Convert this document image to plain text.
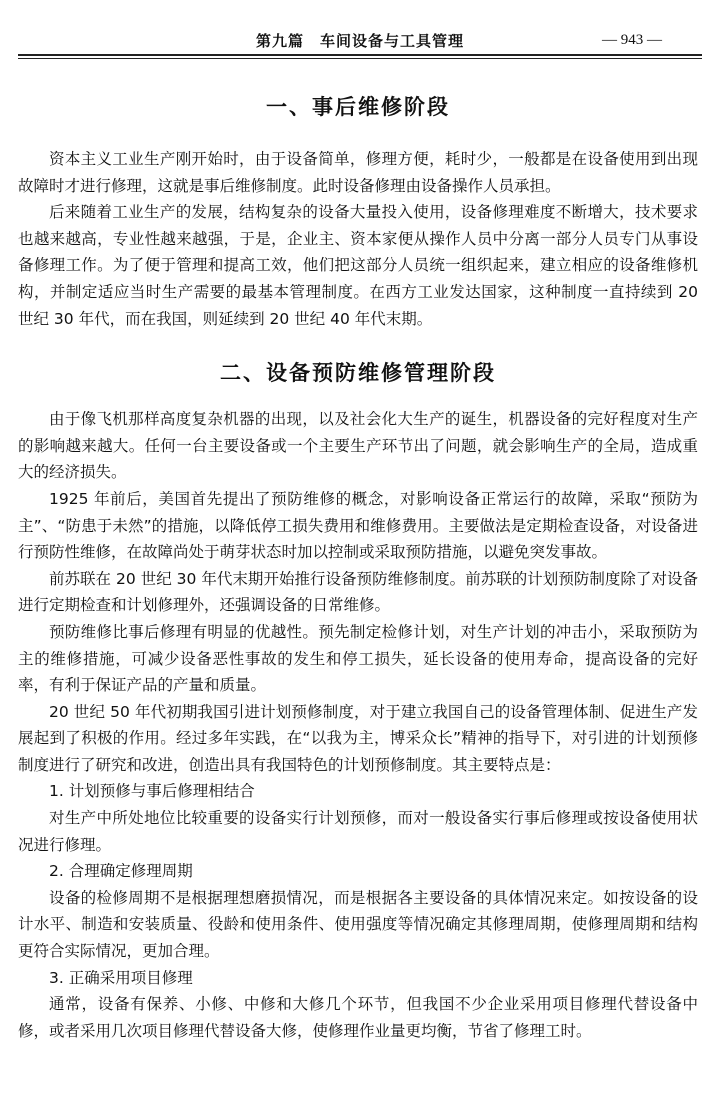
第九篇　车间设备与工具管理	— 943 —
一、事后维修阶段

资本主义工业生产刚开始时，由于设备简单，修理方便，耗时少，一般都是在设备使用到出现故障时才进行修理，这就是事后维修制度。此时设备修理由设备操作人员承担。

后来随着工业生产的发展，结构复杂的设备大量投入使用，设备修理难度不断增大，技术要求也越来越高，专业性越来越强，于是，企业主、资本家便从操作人员中分离一部分人员专门从事设备修理工作。为了便于管理和提高工效，他们把这部分人员统一组织起来，建立相应的设备维修机构，并制定适应当时生产需要的最基本管理制度。在西方工业发达国家，这种制度一直持续到 20 世纪 30 年代，而在我国，则延续到 20 世纪 40 年代末期。

二、设备预防维修管理阶段

由于像飞机那样高度复杂机器的出现，以及社会化大生产的诞生，机器设备的完好程度对生产的影响越来越大。任何一台主要设备或一个主要生产环节出了问题，就会影响生产的全局，造成重大的经济损失。

1925 年前后，美国首先提出了预防维修的概念，对影响设备正常运行的故障，采取“预防为主”、“防患于未然”的措施，以降低停工损失费用和维修费用。主要做法是定期检查设备，对设备进行预防性维修，在故障尚处于萌芽状态时加以控制或采取预防措施，以避免突发事故。

前苏联在 20 世纪 30 年代末期开始推行设备预防维修制度。前苏联的计划预防制度除了对设备进行定期检查和计划修理外，还强调设备的日常维修。

预防维修比事后修理有明显的优越性。预先制定检修计划，对生产计划的冲击小，采取预防为主的维修措施，可减少设备恶性事故的发生和停工损失，延长设备的使用寿命，提高设备的完好率，有利于保证产品的产量和质量。

20 世纪 50 年代初期我国引进计划预修制度，对于建立我国自己的设备管理体制、促进生产发展起到了积极的作用。经过多年实践，在“以我为主，博采众长”精神的指导下，对引进的计划预修制度进行了研究和改进，创造出具有我国特色的计划预修制度。其主要特点是：

1. 计划预修与事后修理相结合

对生产中所处地位比较重要的设备实行计划预修，而对一般设备实行事后修理或按设备使用状况进行修理。

2. 合理确定修理周期

设备的检修周期不是根据理想磨损情况，而是根据各主要设备的具体情况来定。如按设备的设计水平、制造和安装质量、役龄和使用条件、使用强度等情况确定其修理周期，使修理周期和结构更符合实际情况，更加合理。

3. 正确采用项目修理

通常，设备有保养、小修、中修和大修几个环节，但我国不少企业采用项目修理代替设备中修，或者采用几次项目修理代替设备大修，使修理作业量更均衡，节省了修理工时。
